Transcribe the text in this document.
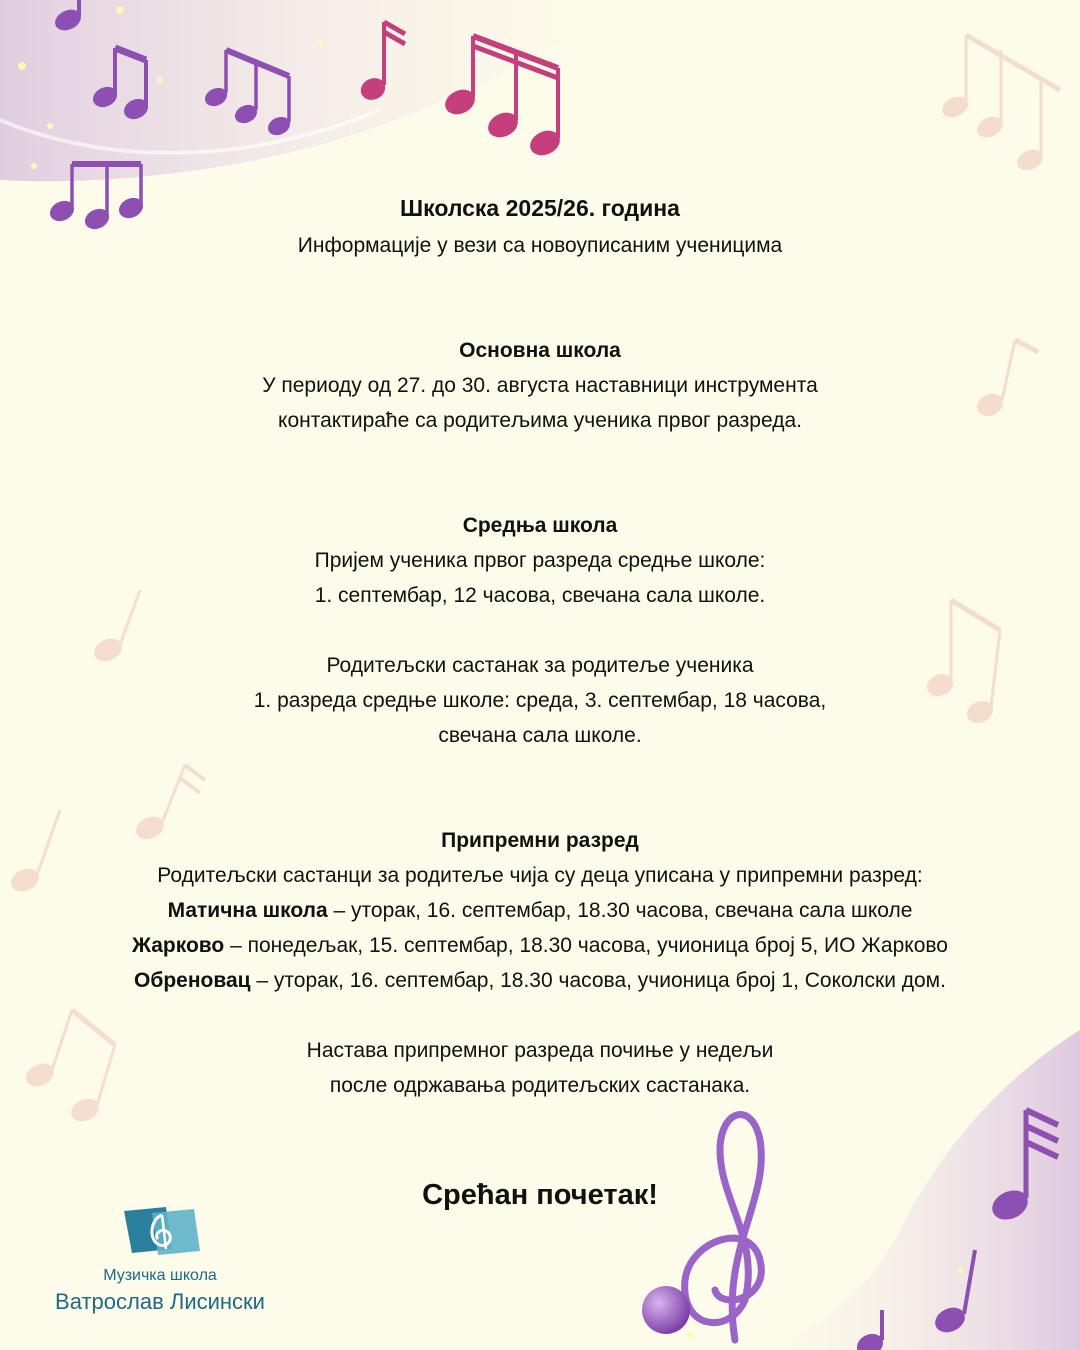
Школска 2025/26. година
Информације у вези са новоуписаним ученицима
Основна школа
У периоду од 27. до 30. августа наставници инструмента
контактираће са родитељима ученика првог разреда.
Средња школа
Пријем ученика првог разреда средње школе:
1. септембар, 12 часова, свечана сала школе.
Родитељски састанак за родитеље ученика
1. разреда средње школе: среда, 3. септембар, 18 часова,
свечана сала школе.
Припремни разред
Родитељски састанци за родитеље чија су деца уписана у припремни разред:
Матична школа – уторак, 16. септембар, 18.30 часова, свечана сала школе
Жарково – понедељак, 15. септембар, 18.30 часова, учионица број 5, ИО Жарково
Обреновац – уторак, 16. септембар, 18.30 часова, учионица број 1, Соколски дом.
Настава припремног разреда почиње у недељи
после одржавања родитељских састанака.
Срећан почетак!
Музичка школа
Ватрослав Лисински
